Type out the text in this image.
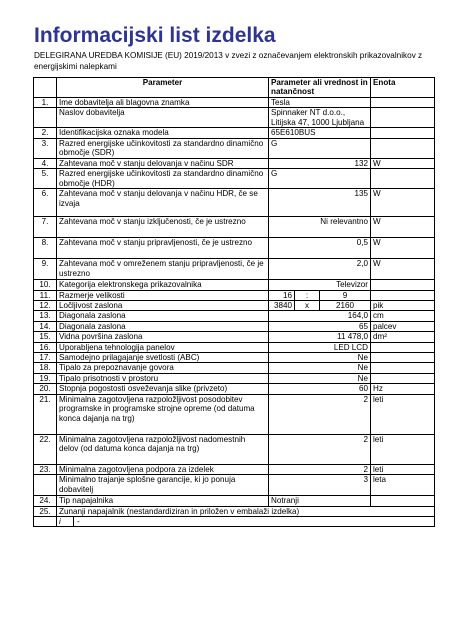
Informacijski list izdelka
DELEGIRANA UREDBA KOMISIJE (EU) 2019/2013 v zvezi z označevanjem elektronskih prikazovalnikov z energijskimi nalepkami
	Parameter	Parameter ali vrednost in natančnost			Enota
1.	Ime dobavitelja ali blagovna znamka	Tesla			
	Naslov dobavitelja	Spinnaker NT d.o.o., Litijska 47, 1000 Ljubljana			
2.	Identifikacijska oznaka modela	65E610BUS			
3.	Razred energijske učinkovitosti za standardno dinamično območje (SDR)	G			
4.	Zahtevana moč v stanju delovanja v načinu SDR	132			W
5.	Razred energijske učinkovitosti za standardno dinamično območje (HDR)	G			
6.	Zahtevana moč v stanju delovanja v načinu HDR, če se izvaja	135			W
7.	Zahtevana moč v stanju izključenosti, če je ustrezno	Ni relevantno			W
8.	Zahtevana moč v stanju pripravljenosti, če je ustrezno	0,5			W
9.	Zahtevana moč v omreženem stanju pripravljenosti, če je ustrezno	2,0			W
10.	Kategorija elektronskega prikazovalnika	Televizor			
11.	Razmerje velikosti	16	:	9	
12.	Ločljivost zaslona	3840	x	2160	pik
13.	Diagonala zaslona	164,0			cm
14.	Diagonala zaslona	65			palcev
15.	Vidna površina zaslona	11 478,0			dm²
16.	Uporabljena tehnologija panelov	LED LCD			
17.	Samodejno prilagajanje svetlosti (ABC)	Ne			
18.	Tipalo za prepoznavanje govora	Ne			
19.	Tipalo prisotnosti v prostoru	Ne			
20.	Stopnja pogostosti osveževanja slike (privzeto)	60			Hz
21.	Minimalna zagotovljena razpoložljivost posodobitev programske in programske strojne opreme (od datuma konca dajanja na trg)	2			leti
22.	Minimalna zagotovljena razpoložljivost nadomestnih delov (od datuma konca dajanja na trg)	2			leti
23.	Minimalna zagotovljena podpora za izdelek	2			leti
	Minimalno trajanje splošne garancije, ki jo ponuja dobavitelj	3			leta
24.	Tip napajalnika	Notranji			
25.	Zunanji napajalnik (nestandardiziran in priložen v embalaži izdelka)				
	i -				
